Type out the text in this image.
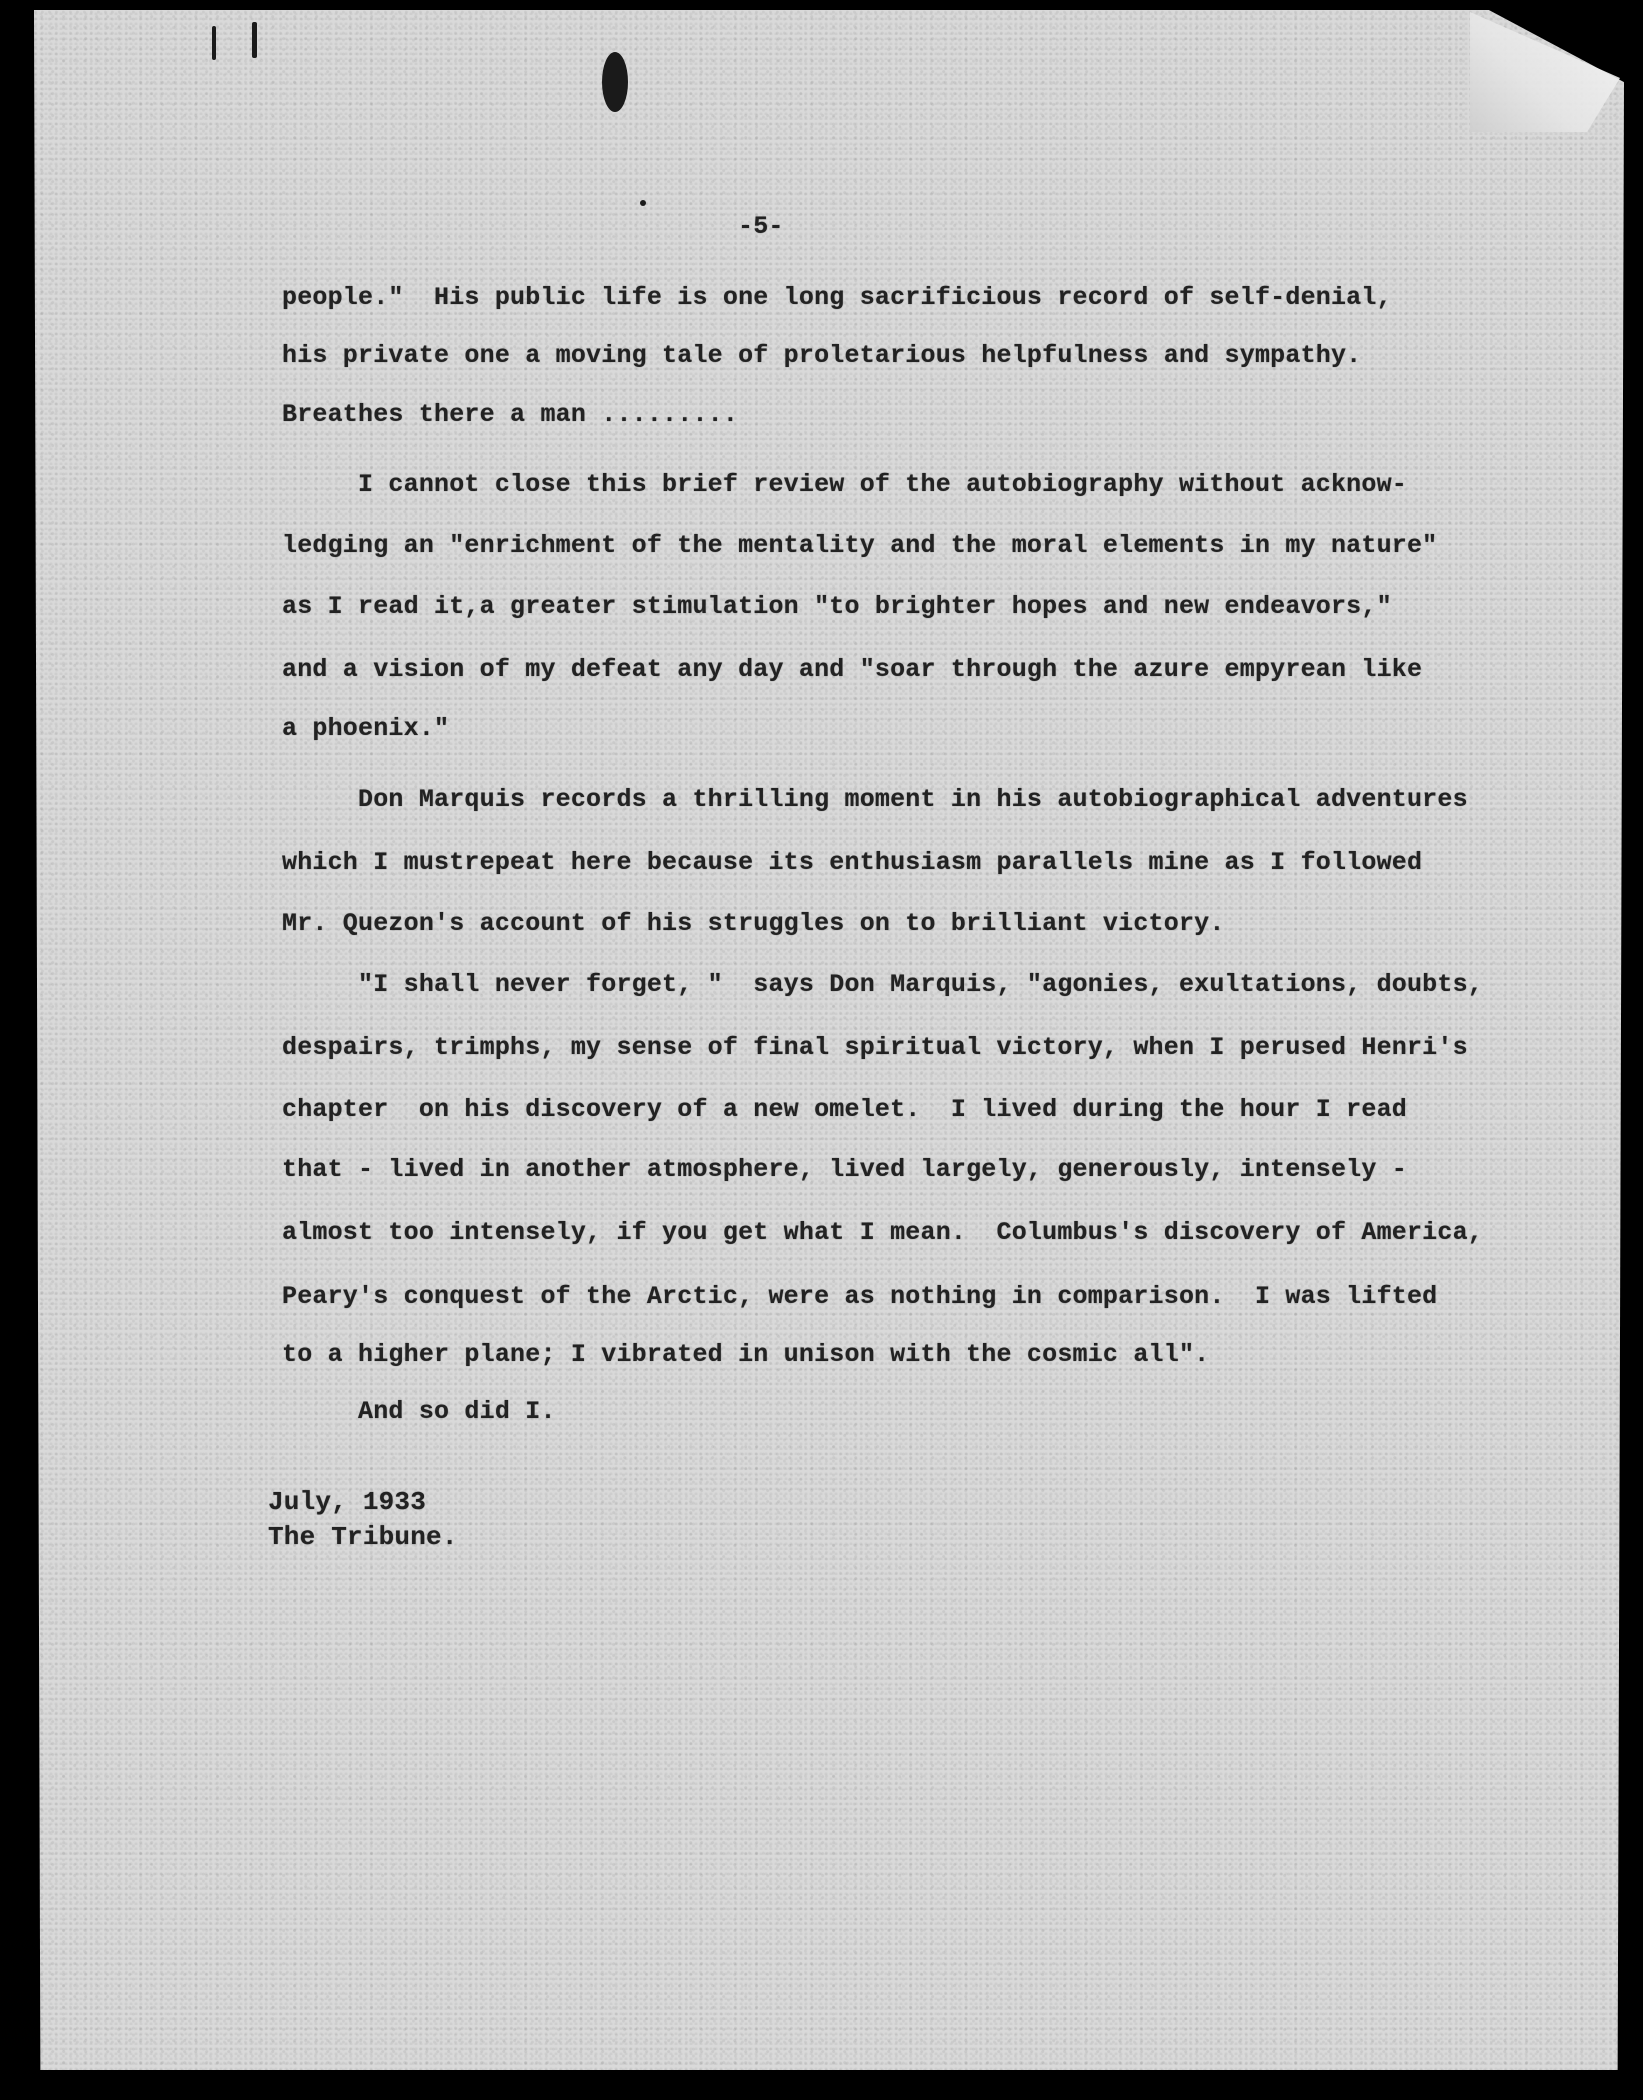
-5-
people."  His public life is one long sacrificious record of self-denial,
his private one a moving tale of proletarious helpfulness and sympathy.
Breathes there a man .........
I cannot close this brief review of the autobiography without acknow-
ledging an "enrichment of the mentality and the moral elements in my nature"
as I read it,a greater stimulation "to brighter hopes and new endeavors,"
and a vision of my defeat any day and "soar through the azure empyrean like
a phoenix."
Don Marquis records a thrilling moment in his autobiographical adventures
which I mustrepeat here because its enthusiasm parallels mine as I followed
Mr. Quezon's account of his struggles on to brilliant victory.
"I shall never forget, "  says Don Marquis, "agonies, exultations, doubts,
despairs, trimphs, my sense of final spiritual victory, when I perused Henri's
chapter  on his discovery of a new omelet.  I lived during the hour I read
that - lived in another atmosphere, lived largely, generously, intensely -
almost too intensely, if you get what I mean.  Columbus's discovery of America,
Peary's conquest of the Arctic, were as nothing in comparison.  I was lifted
to a higher plane; I vibrated in unison with the cosmic all".
And so did I.
July, 1933
The Tribune.
